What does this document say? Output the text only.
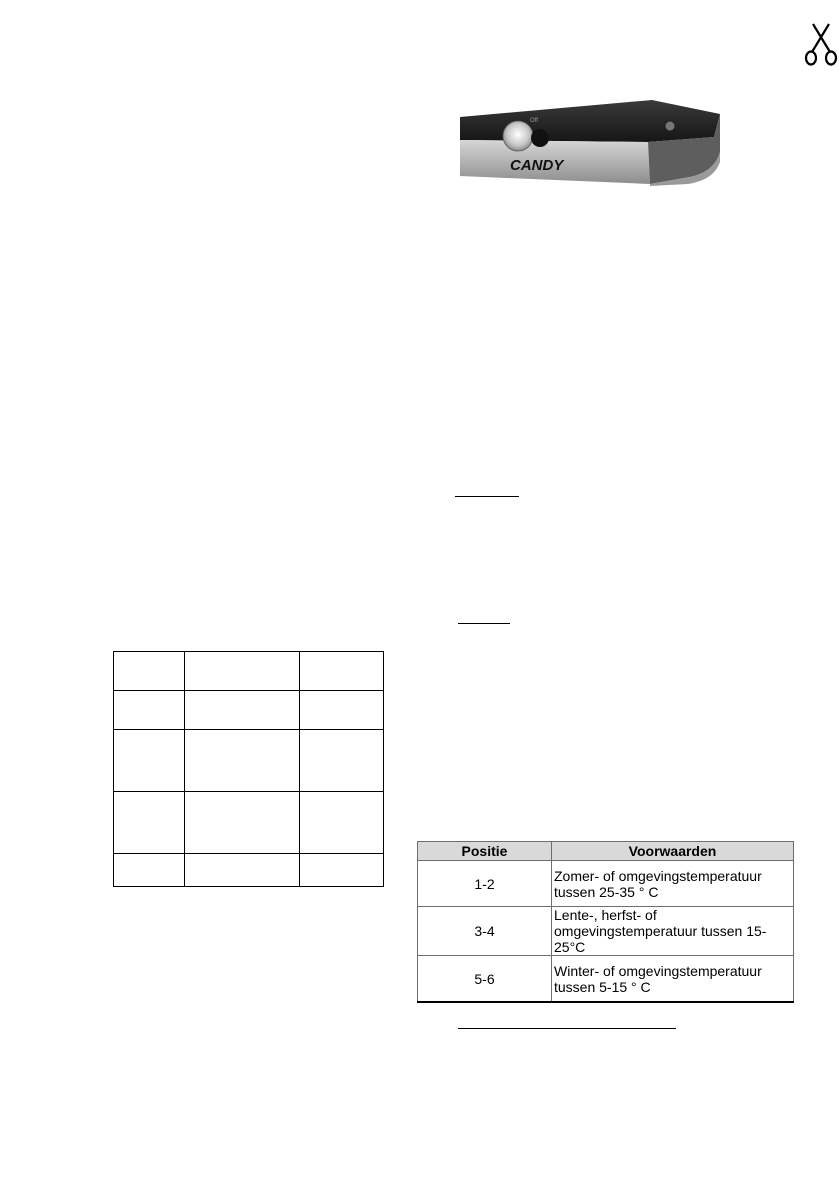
Off
CANDY

Positie	Voorwaarden
1-2	Zomer- of omgevingstemperatuur
tussen 25-35 ° C
3-4	Lente-, herfst- of
omgevingstemperatuur tussen 15-25°C
5-6	Winter- of omgevingstemperatuur
tussen 5-15 ° C
